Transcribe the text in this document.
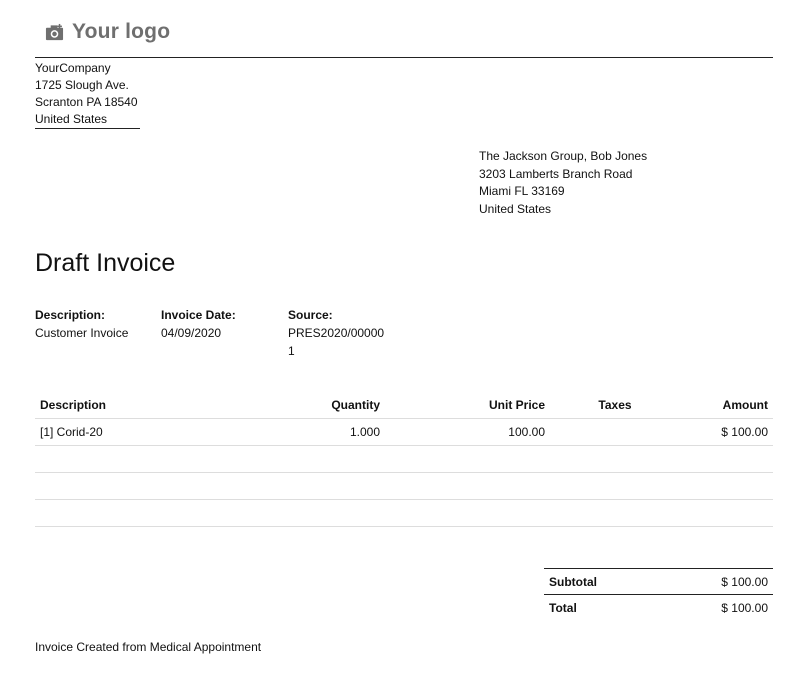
Your logo
YourCompany
1725 Slough Ave.
Scranton PA 18540
United States
The Jackson Group, Bob Jones
3203 Lamberts Branch Road
Miami FL 33169
United States
Draft Invoice
Description:
Customer Invoice
Invoice Date:
04/09/2020
Source:
PRES2020/000001
Description	Quantity	Unit Price	Taxes	Amount
[1] Corid-20	1.000	100.00		$ 100.00

Subtotal	$ 100.00
Total	$ 100.00
Invoice Created from Medical Appointment
